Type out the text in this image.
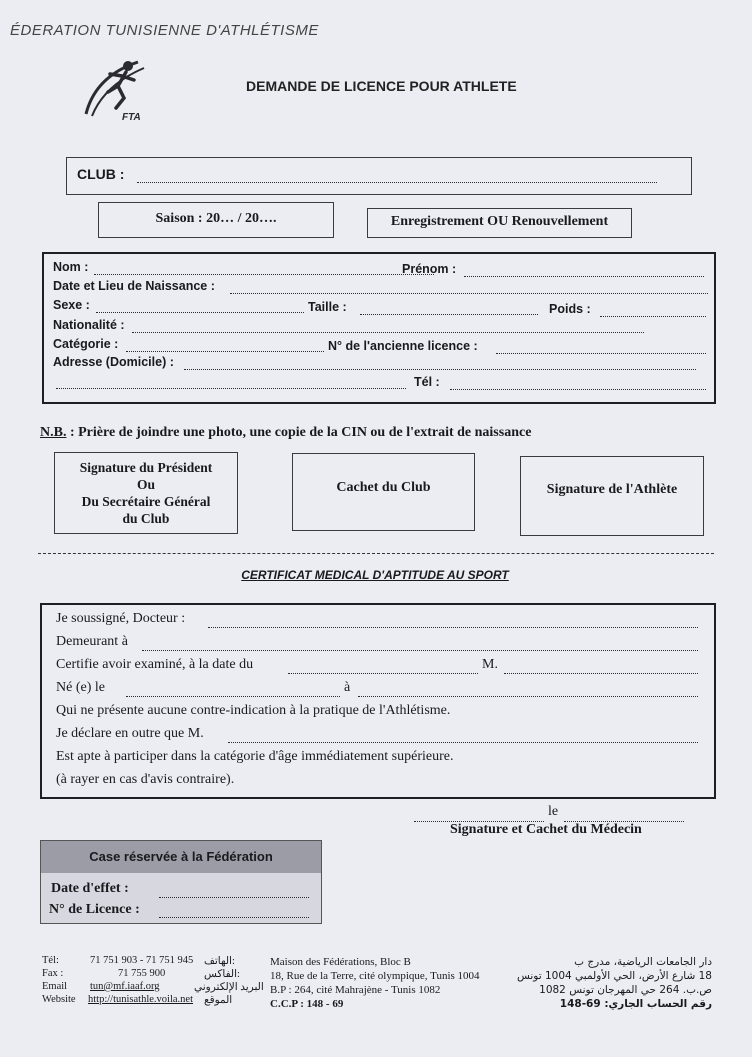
ÉDERATION TUNISIENNE D'ATHLÉTISME
FTA
DEMANDE DE LICENCE POUR ATHLETE
CLUB :
Saison : 20… / 20….	Enregistrement OU Renouvellement
Nom :	Prénom :
Date et Lieu de Naissance :
Sexe :	Taille :	Poids :
Nationalité :
Catégorie :	N° de l'ancienne licence :
Adresse (Domicile) :
Tél :
N.B. : Prière de joindre une photo, une copie de la CIN ou de l'extrait de naissance
Signature du Président
Ou
Du Secrétaire Général
du Club
Cachet du Club	Signature de l'Athlète
CERTIFICAT MEDICAL D'APTITUDE AU SPORT
Je soussigné, Docteur :
Demeurant à
Certifie avoir examiné, à la date du	M.
Né (e) le	à
Qui ne présente aucune contre-indication à la pratique de l'Athlétisme.
Je déclare en outre que M.
Est apte à participer dans la catégorie d'âge immédiatement supérieure.
(à rayer en cas d'avis contraire).
le
Signature et Cachet du Médecin
Case réservée à la Fédération
Date d'effet :
N° de Licence :
Tél:	71 751 903 - 71 751 945 الهاتف:
Fax :	71 755 900	الفاكس:
Email tun@mf.iaaf.org	البريد الإلكتروني
Website http://tunisathle.voila.net الموقع
Maison des Fédérations, Bloc B
18, Rue de la Terre, cité olympique, Tunis 1004
B.P : 264, cité Mahrajène - Tunis 1082
C.C.P : 148 - 69
دار الجامعات الرياضية، مدرج ب
18 شارع الأرض، الحي الأولمبي 1004 تونس
ص.ب. 264 حي المهرجان تونس 1082
رقم الحساب الجاري: 69-148
